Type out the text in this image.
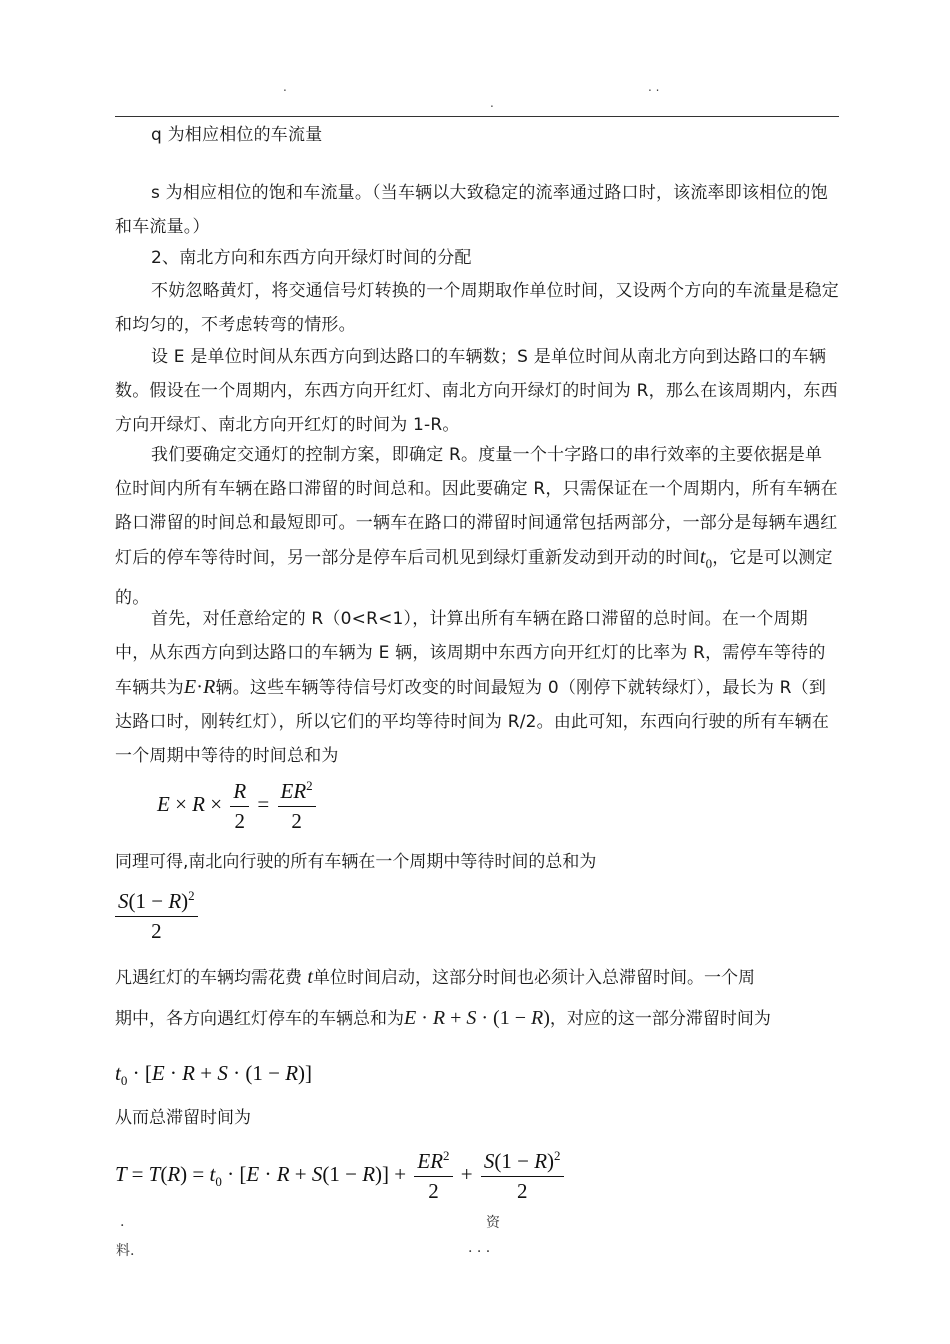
.	. .
.

q 为相应相位的车流量

s 为相应相位的饱和车流量。（当车辆以大致稳定的流率通过路口时，该流率即该相位的饱和车流量。）

2、南北方向和东西方向开绿灯时间的分配

不妨忽略黄灯，将交通信号灯转换的一个周期取作单位时间，又设两个方向的车流量是稳定和均匀的，不考虑转弯的情形。

设 E 是单位时间从东西方向到达路口的车辆数；S 是单位时间从南北方向到达路口的车辆数。假设在一个周期内，东西方向开红灯、南北方向开绿灯的时间为 R，那么在该周期内，东西方向开绿灯、南北方向开红灯的时间为 1-R。

我们要确定交通灯的控制方案，即确定 R。度量一个十字路口的串行效率的主要依据是单位时间内所有车辆在路口滞留的时间总和。因此要确定 R，只需保证在一个周期内，所有车辆在路口滞留的时间总和最短即可。一辆车在路口的滞留时间通常包括两部分，一部分是每辆车遇红灯后的停车等待时间，另一部分是停车后司机见到绿灯重新发动到开动的时间$t_0$，它是可以测定的。

首先，对任意给定的 R（0<R<1），计算出所有车辆在路口滞留的总时间。在一个周期中，从东西方向到达路口的车辆为 E 辆，该周期中东西方向开红灯的比率为 R，需停车等待的车辆共为E·R辆。这些车辆等待信号灯改变的时间最短为 0（刚停下就转绿灯），最长为 R（到达路口时，刚转红灯），所以它们的平均等待时间为 R/2。由此可知，东西向行驶的所有车辆在一个周期中等待的时间总和为

$E \times R \times \frac{R}{2} = \frac{ER^2}{2}$
同理可得,南北向行驶的所有车辆在一个周期中等待时间的总和为
$\frac{S(1 - R)^2}{2}$
凡遇红灯的车辆均需花费 t单位时间启动，这部分时间也必须计入总滞留时间。一个周
期中，各方向遇红灯停车的车辆总和为E · R + S · (1 − R)，对应的这一部分滞留时间为
$t_0 \cdot [E \cdot R + S \cdot (1 - R)]$
从而总滞留时间为
$T = T(R) = t_0 \cdot [E \cdot R + S(1 - R)] + \frac{ER^2}{2} + \frac{S(1 - R)^2}{2}$
.	资
料.	. . .
